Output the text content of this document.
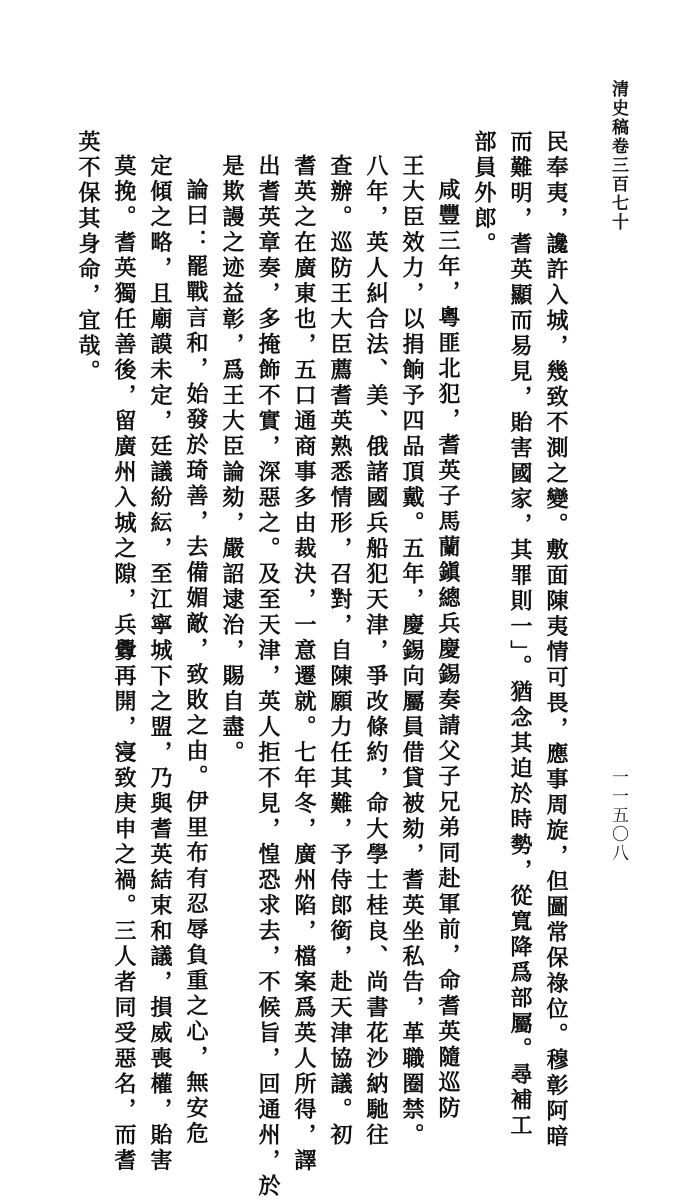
清史稿卷三百七十
民奉夷，讒許入城，幾致不測之變。敷面陳夷情可畏，應事周旋，但圖常保祿位。穆彰阿暗
而難明，耆英顯而易見，貽害國家，其罪則一」。猶念其迫於時勢，從寬降爲部屬。尋補工
部員外郎。
咸豐三年，粵匪北犯，耆英子馬蘭鎭總兵慶錫奏請父子兄弟同赴軍前，命耆英隨巡防
王大臣效力，以捐餉予四品頂戴。五年，慶錫向屬員借貸被劾，耆英坐私告，革職圈禁。
八年，英人糾合法、美、俄諸國兵船犯天津，爭改條約，命大學士桂良、尚書花沙納馳往
查辦。巡防王大臣薦耆英熟悉情形，召對，自陳願力任其難，予侍郎銜，赴天津協議。初
耆英之在廣東也，五口通商事多由裁決，一意遷就。七年冬，廣州陷，檔案爲英人所得，譯
出耆英章奏，多掩飾不實，深惡之。及至天津，英人拒不見，惶恐求去，不候旨，回通州，於
是欺謾之迹益彰，爲王大臣論劾，嚴詔逮治，賜自盡。
論曰：罷戰言和，始發於琦善，去備媚敵，致敗之由。伊里布有忍辱負重之心，無安危
定傾之略，且廟謨未定，廷議紛紜，至江寧城下之盟，乃與耆英結束和議，損威喪權，貽害
莫挽。耆英獨任善後，留廣州入城之隙，兵釁再開，寖致庚申之禍。三人者同受惡名，而耆
英不保其身命，宜哉。
一一五〇八
